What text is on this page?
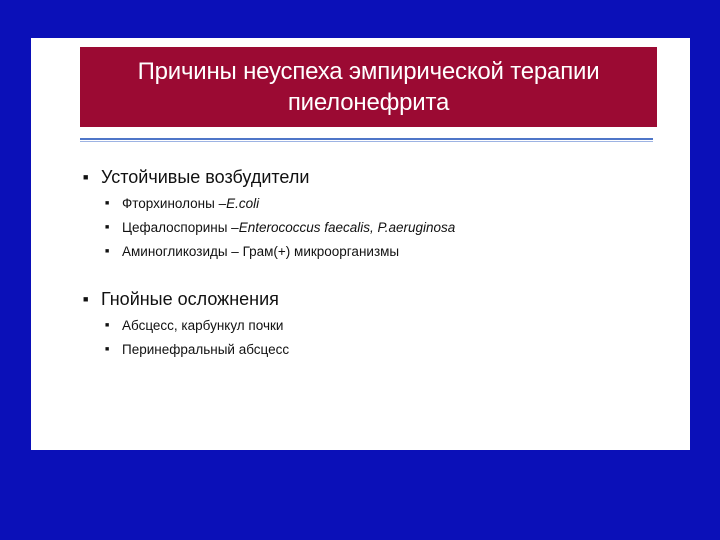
Причины неуспеха эмпирической терапии
пиелонефрита
■ Устойчивые возбудители
■ Фторхинолоны – E.coli
■ Цефалоспорины – Enterococcus faecalis, P.aeruginosa
■ Аминогликозиды – Грам(+) микроорганизмы
■ Гнойные осложнения
■ Абсцесс, карбункул почки
■ Перинефральный абсцесс
